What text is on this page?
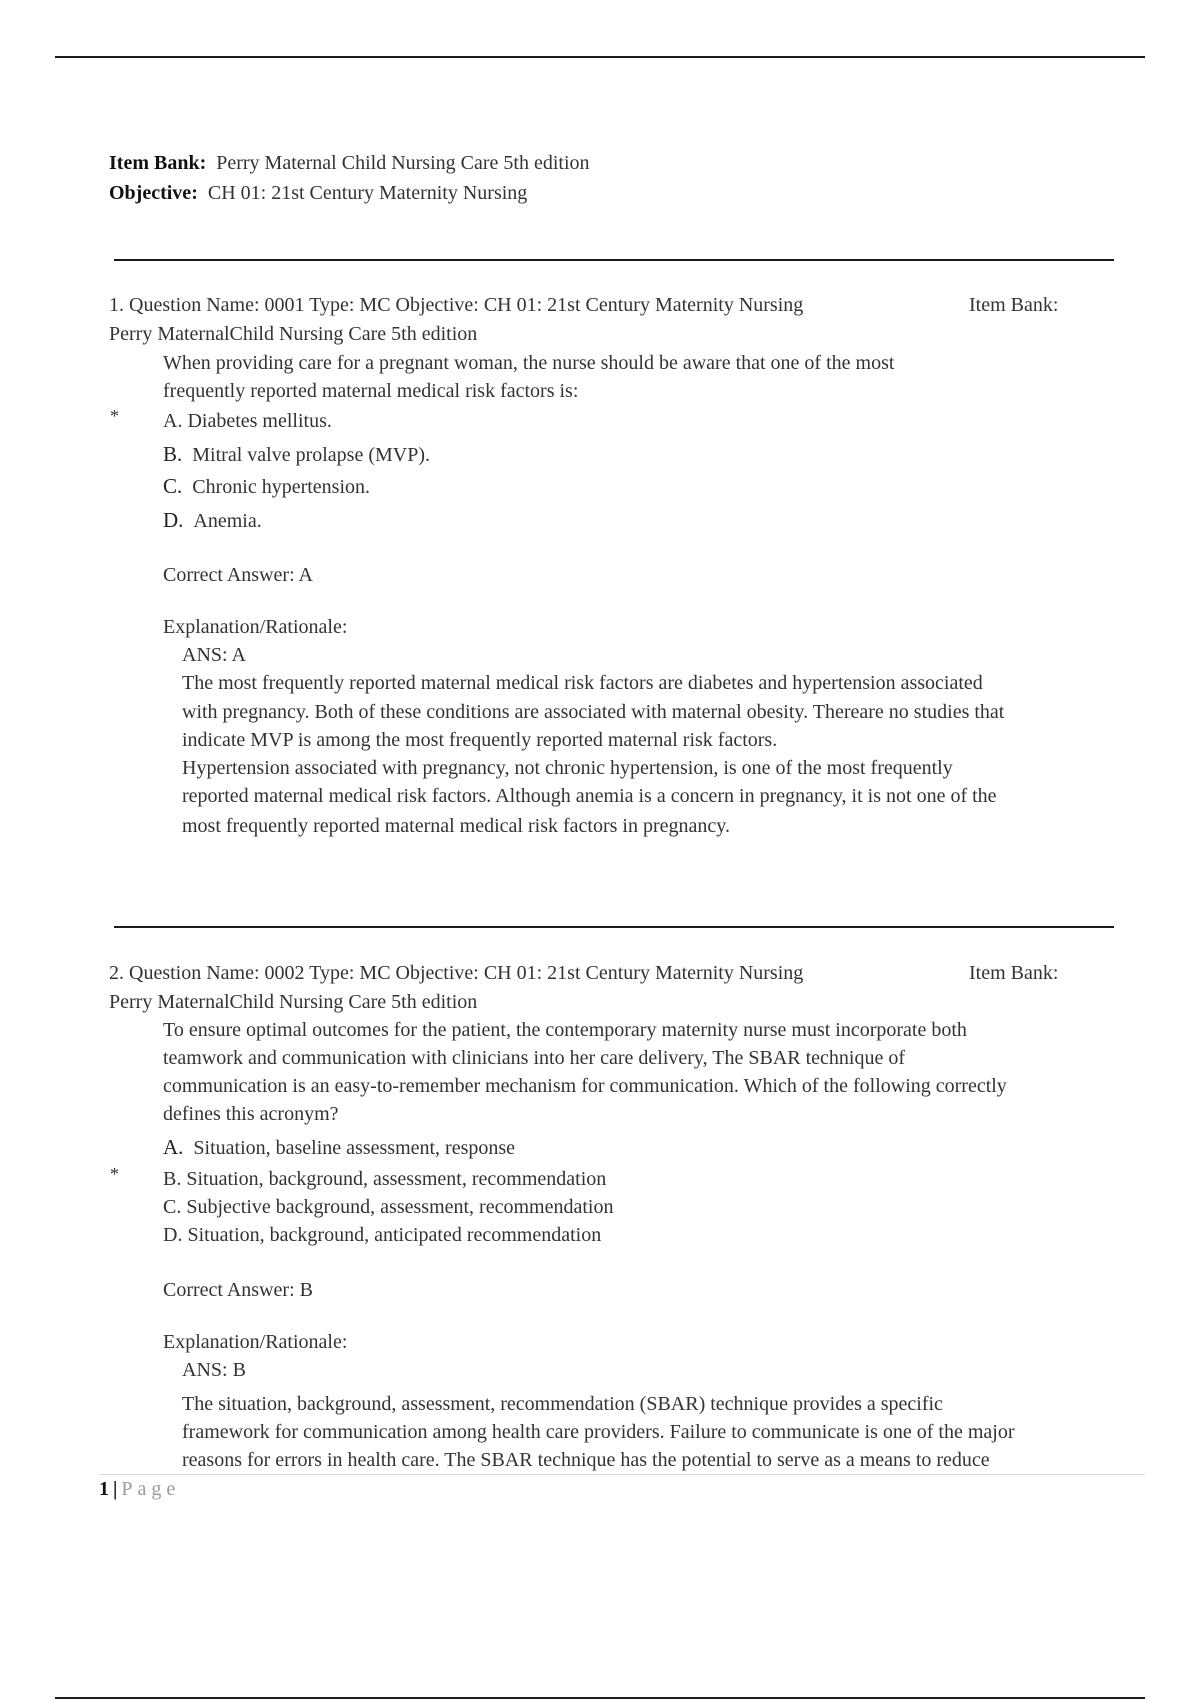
Item Bank: Perry Maternal Child Nursing Care 5th edition
Objective: CH 01: 21st Century Maternity Nursing
1. Question Name: 0001 Type: MC Objective: CH 01: 21st Century Maternity Nursing	Item Bank:
Perry MaternalChild Nursing Care 5th edition
When providing care for a pregnant woman, the nurse should be aware that one of the most
frequently reported maternal medical risk factors is:
* A. Diabetes mellitus.
B. Mitral valve prolapse (MVP).
C. Chronic hypertension.
D. Anemia.
Correct Answer: A
Explanation/Rationale:
ANS: A
The most frequently reported maternal medical risk factors are diabetes and hypertension associated
with pregnancy. Both of these conditions are associated with maternal obesity. Thereare no studies that
indicate MVP is among the most frequently reported maternal risk factors.
Hypertension associated with pregnancy, not chronic hypertension, is one of the most frequently
reported maternal medical risk factors. Although anemia is a concern in pregnancy, it is not one of the
most frequently reported maternal medical risk factors in pregnancy.
2. Question Name: 0002 Type: MC Objective: CH 01: 21st Century Maternity Nursing	Item Bank:
Perry MaternalChild Nursing Care 5th edition
To ensure optimal outcomes for the patient, the contemporary maternity nurse must incorporate both
teamwork and communication with clinicians into her care delivery, The SBAR technique of
communication is an easy-to-remember mechanism for communication. Which of the following correctly
defines this acronym?
A. Situation, baseline assessment, response
* B. Situation, background, assessment, recommendation
C. Subjective background, assessment, recommendation
D. Situation, background, anticipated recommendation
Correct Answer: B
Explanation/Rationale:
ANS: B
The situation, background, assessment, recommendation (SBAR) technique provides a specific
framework for communication among health care providers. Failure to communicate is one of the major
reasons for errors in health care. The SBAR technique has the potential to serve as a means to reduce
1 | Page
